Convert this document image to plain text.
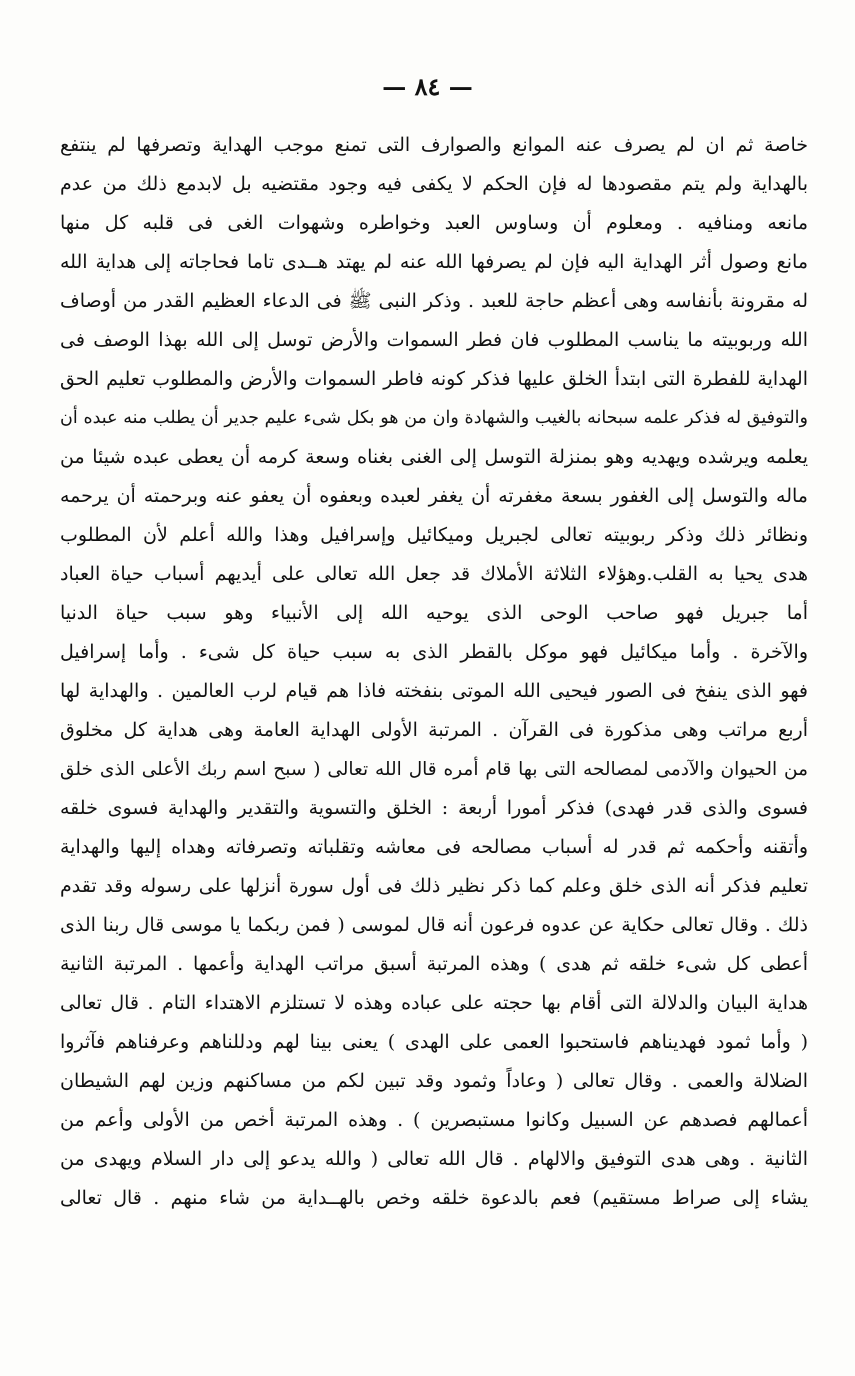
— ٨٤ —
خاصة ثم ان لم يصرف عنه الموانع والصوارف التى تمنع موجب الهداية وتصرفها لم ينتفع
بالهداية ولم يتم مقصودها له فإن الحكم لا يكفى فيه وجود مقتضيه بل لابدمع ذلك من عدم
مانعه ومنافيه . ومعلوم أن وساوس العبد وخواطره وشهوات الغى فى قلبه كل منها
مانع وصول أثر الهداية اليه فإن لم يصرفها الله عنه لم يهتد هــدى تاما فحاجاته إلى هداية الله
له مقرونة بأنفاسه وهى أعظم حاجة للعبد . وذكر النبى ﷺ فى الدعاء العظيم القدر من أوصاف
الله وربوبيته ما يناسب المطلوب فان فطر السموات والأرض توسل إلى الله بهذا الوصف فى
الهداية للفطرة التى ابتدأ الخلق عليها فذكر كونه فاطر السموات والأرض والمطلوب تعليم الحق
والتوفيق له فذكر علمه سبحانه بالغيب والشهادة وان من هو بكل شىء عليم جدير أن يطلب منه عبده أن
يعلمه ويرشده ويهديه وهو بمنزلة التوسل إلى الغنى بغناه وسعة كرمه أن يعطى عبده شيئا من
ماله والتوسل إلى الغفور بسعة مغفرته أن يغفر لعبده وبعفوه أن يعفو عنه وبرحمته أن يرحمه
ونظائر ذلك وذكر ربوبيته تعالى لجبريل وميكائيل وإسرافيل وهذا والله أعلم لأن المطلوب
هدى يحيا به القلب.وهؤلاء الثلاثة الأملاك قد جعل الله تعالى على أيديهم أسباب حياة العباد
أما جبريل فهو صاحب الوحى الذى يوحيه الله إلى الأنبياء وهو سبب حياة الدنيا
والآخرة . وأما ميكائيل فهو موكل بالقطر الذى به سبب حياة كل شىء . وأما إسرافيل
فهو الذى ينفخ فى الصور فيحيى الله الموتى بنفخته فاذا هم قيام لرب العالمين . والهداية لها
أربع مراتب وهى مذكورة فى القرآن . المرتبة الأولى الهداية العامة وهى هداية كل مخلوق
من الحيوان والآدمى لمصالحه التى بها قام أمره قال الله تعالى ( سبح اسم ربك الأعلى الذى خلق
فسوى والذى قدر فهدى) فذكر أمورا أربعة : الخلق والتسوية والتقدير والهداية فسوى خلقه
وأتقنه وأحكمه ثم قدر له أسباب مصالحه فى معاشه وتقلباته وتصرفاته وهداه إليها والهداية
تعليم فذكر أنه الذى خلق وعلم كما ذكر نظير ذلك فى أول سورة أنزلها على رسوله وقد تقدم
ذلك . وقال تعالى حكاية عن عدوه فرعون أنه قال لموسى ( فمن ربكما يا موسى قال ربنا الذى
أعطى كل شىء خلقه ثم هدى ) وهذه المرتبة أسبق مراتب الهداية وأعمها . المرتبة الثانية
هداية البيان والدلالة التى أقام بها حجته على عباده وهذه لا تستلزم الاهتداء التام . قال تعالى
( وأما ثمود فهديناهم فاستحبوا العمى على الهدى ) يعنى بينا لهم ودللناهم وعرفناهم فآثروا
الضلالة والعمى . وقال تعالى ( وعاداً وثمود وقد تبين لكم من مساكنهم وزين لهم الشيطان
أعمالهم فصدهم عن السبيل وكانوا مستبصرين ) . وهذه المرتبة أخص من الأولى وأعم من
الثانية . وهى هدى التوفيق والالهام . قال الله تعالى ( والله يدعو إلى دار السلام ويهدى من
يشاء إلى صراط مستقيم) فعم بالدعوة خلقه وخص بالهــداية من شاء منهم . قال تعالى
